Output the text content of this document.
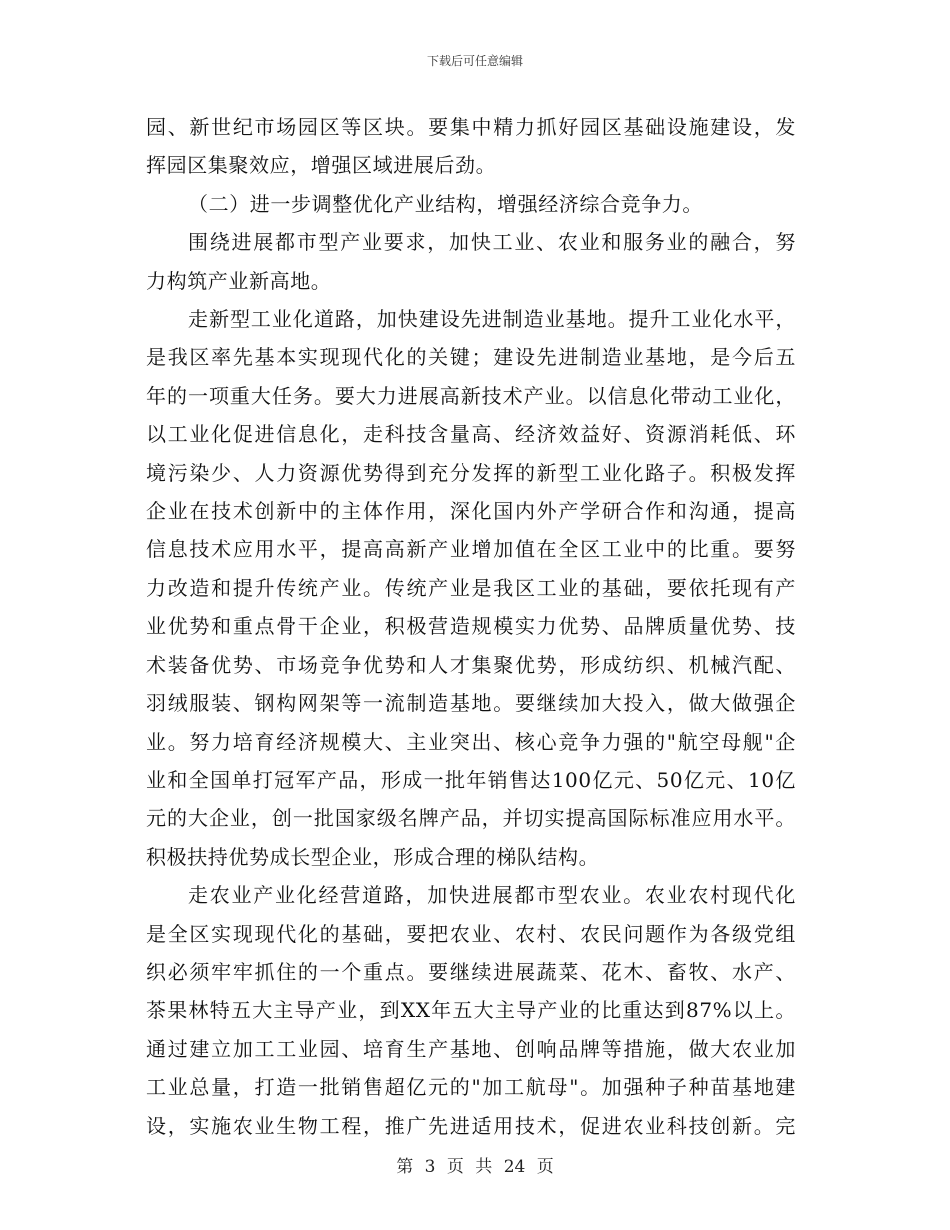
下载后可任意编辑
园、新世纪市场园区等区块。要集中精力抓好园区基础设施建设，发
挥园区集聚效应，增强区域进展后劲。
（二）进一步调整优化产业结构，增强经济综合竞争力。
围绕进展都市型产业要求，加快工业、农业和服务业的融合，努
力构筑产业新高地。
走新型工业化道路，加快建设先进制造业基地。提升工业化水平，
是我区率先基本实现现代化的关键；建设先进制造业基地，是今后五
年的一项重大任务。要大力进展高新技术产业。以信息化带动工业化，
以工业化促进信息化，走科技含量高、经济效益好、资源消耗低、环
境污染少、人力资源优势得到充分发挥的新型工业化路子。积极发挥
企业在技术创新中的主体作用，深化国内外产学研合作和沟通，提高
信息技术应用水平，提高高新产业增加值在全区工业中的比重。要努
力改造和提升传统产业。传统产业是我区工业的基础，要依托现有产
业优势和重点骨干企业，积极营造规模实力优势、品牌质量优势、技
术装备优势、市场竞争优势和人才集聚优势，形成纺织、机械汽配、
羽绒服装、钢构网架等一流制造基地。要继续加大投入，做大做强企
业。努力培育经济规模大、主业突出、核心竞争力强的"航空母舰"企
业和全国单打冠军产品，形成一批年销售达100亿元、50亿元、10亿
元的大企业，创一批国家级名牌产品，并切实提高国际标准应用水平。
积极扶持优势成长型企业，形成合理的梯队结构。
走农业产业化经营道路，加快进展都市型农业。农业农村现代化
是全区实现现代化的基础，要把农业、农村、农民问题作为各级党组
织必须牢牢抓住的一个重点。要继续进展蔬菜、花木、畜牧、水产、
茶果林特五大主导产业，到XX年五大主导产业的比重达到87%以上。
通过建立加工工业园、培育生产基地、创响品牌等措施，做大农业加
工业总量，打造一批销售超亿元的"加工航母"。加强种子种苗基地建
设，实施农业生物工程，推广先进适用技术，促进农业科技创新。完
第 3 页 共 24 页
